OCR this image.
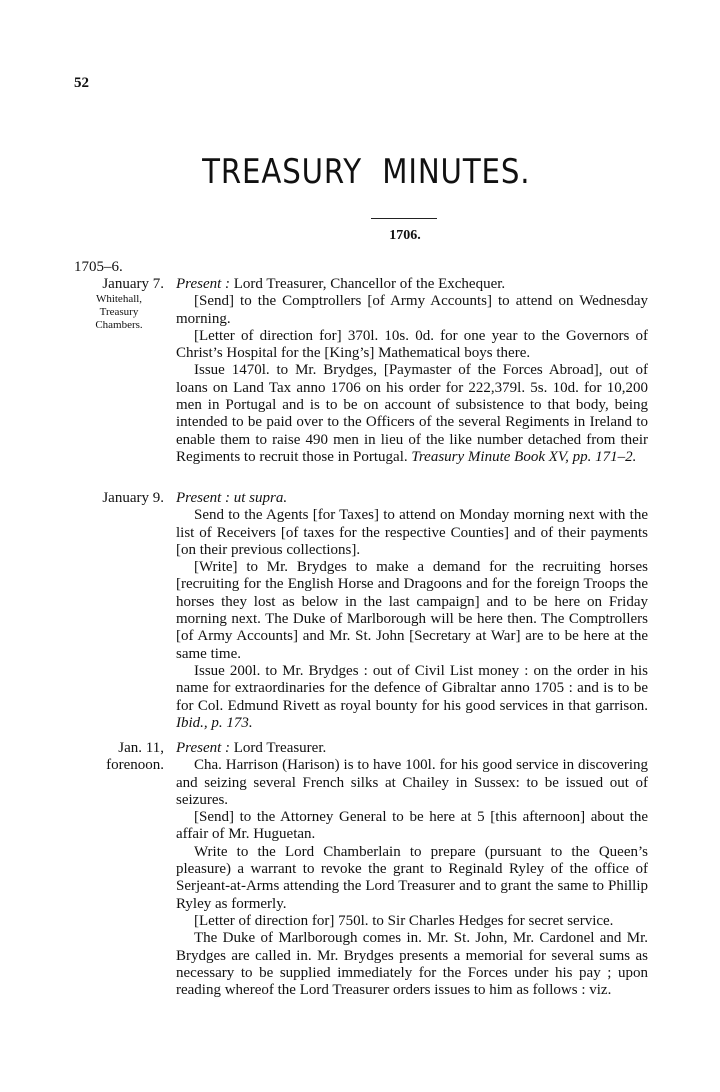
52
TREASURY  MINUTES.
1706.
1705–6.
January 7.
Whitehall,
Treasury
Chambers.

Present : Lord Treasurer, Chancellor of the Exchequer.

[Send] to the Comptrollers [of Army Accounts] to attend on Wednesday morning.

[Letter of direction for] 370l. 10s. 0d. for one year to the Governors of Christ’s Hospital for the [King’s] Mathematical boys there.

Issue 1470l. to Mr. Brydges, [Paymaster of the Forces Abroad], out of loans on Land Tax anno 1706 on his order for 222,379l. 5s. 10d. for 10,200 men in Portugal and is to be on account of subsistence to that body, being intended to be paid over to the Officers of the several Regiments in Ireland to enable them to raise 490 men in lieu of the like number detached from their Regiments to recruit those in Portugal. Treasury Minute Book XV, pp. 171–2.

January 9. Present : ut supra.

Send to the Agents [for Taxes] to attend on Monday morning next with the list of Receivers [of taxes for the respective Counties] and of their payments [on their previous collections].

[Write] to Mr. Brydges to make a demand for the recruiting horses [recruiting for the English Horse and Dragoons and for the foreign Troops the horses they lost as below in the last campaign] and to be here on Friday morning next. The Duke of Marlborough will be here then. The Comptrollers [of Army Accounts] and Mr. St. John [Secretary at War] are to be here at the same time.

Issue 200l. to Mr. Brydges : out of Civil List money : on the order in his name for extraordinaries for the defence of Gibraltar anno 1705 : and is to be for Col. Edmund Rivett as royal bounty for his good services in that garrison. Ibid., p. 173.

Jan. 11,
forenoon.

Present : Lord Treasurer.

Cha. Harrison (Harison) is to have 100l. for his good service in discovering and seizing several French silks at Chailey in Sussex: to be issued out of seizures.

[Send] to the Attorney General to be here at 5 [this afternoon] about the affair of Mr. Huguetan.

Write to the Lord Chamberlain to prepare (pursuant to the Queen’s pleasure) a warrant to revoke the grant to Reginald Ryley of the office of Serjeant-at-Arms attending the Lord Treasurer and to grant the same to Phillip Ryley as formerly.

[Letter of direction for] 750l. to Sir Charles Hedges for secret service.

The Duke of Marlborough comes in. Mr. St. John, Mr. Cardonel and Mr. Brydges are called in. Mr. Brydges presents a memorial for several sums as necessary to be supplied immediately for the Forces under his pay ; upon reading whereof the Lord Treasurer orders issues to him as follows : viz.
